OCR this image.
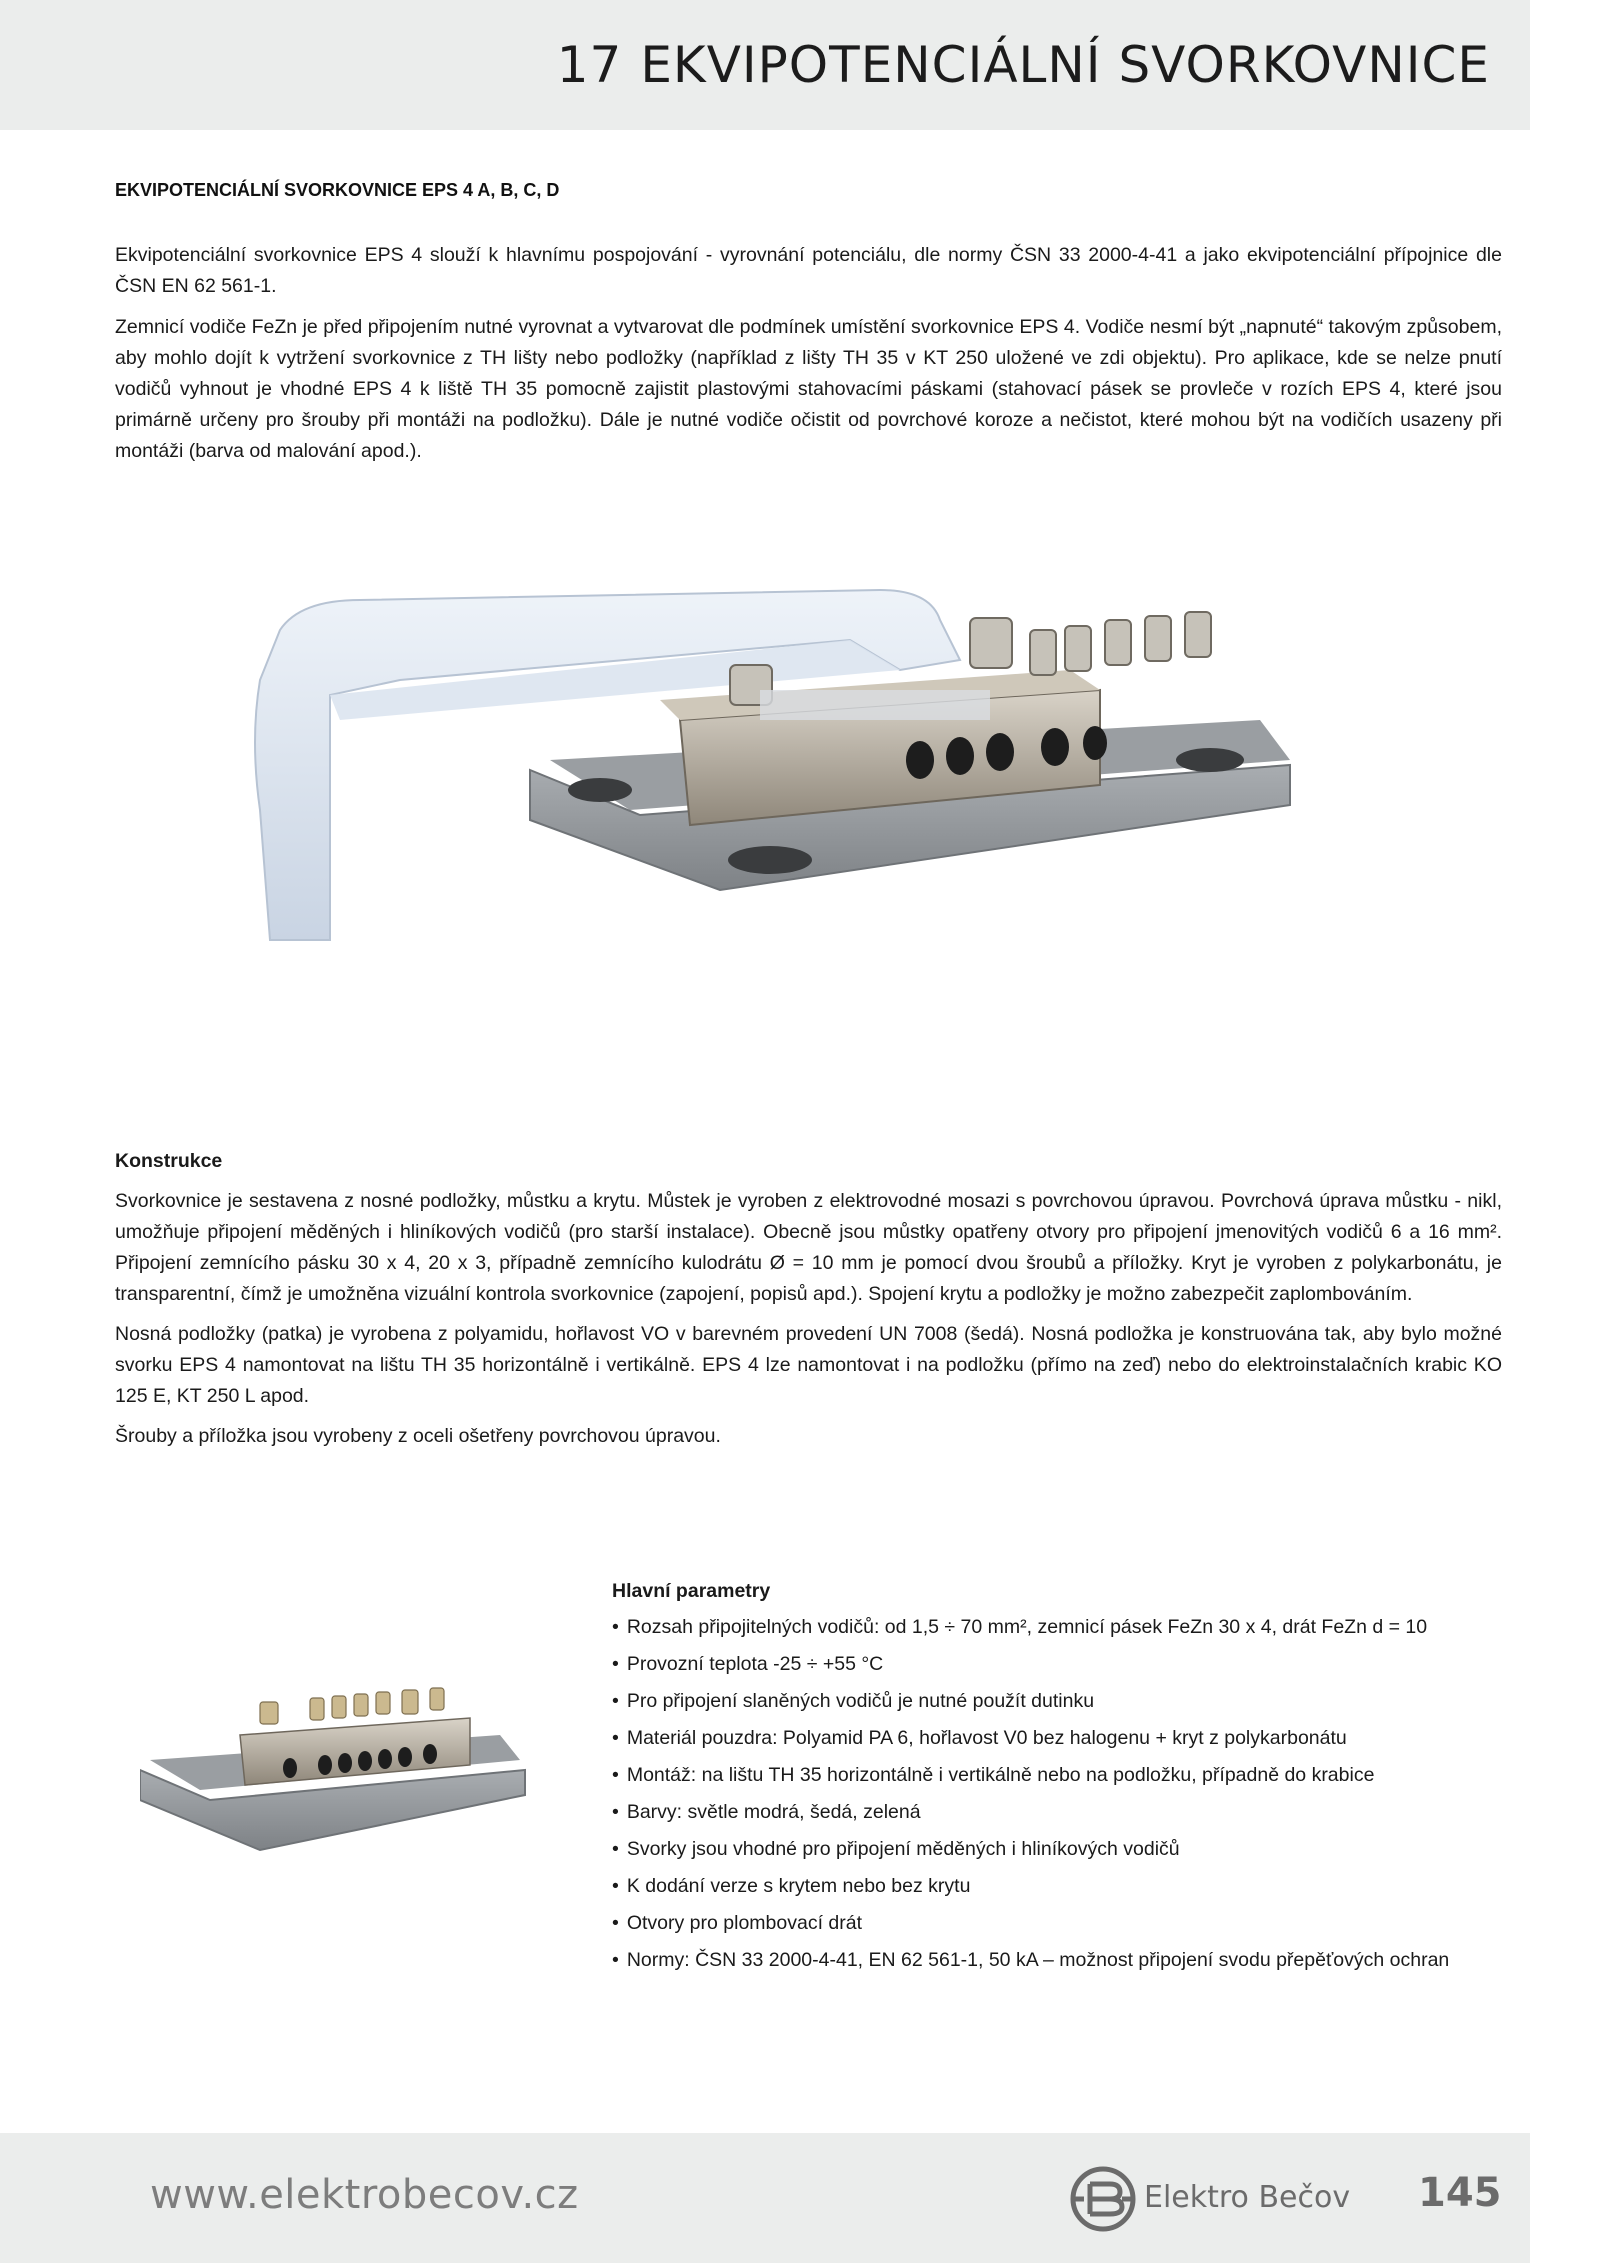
17 EKVIPOTENCIÁLNÍ SVORKOVNICE
EKVIPOTENCIÁLNÍ SVORKOVNICE EPS 4 A, B, C, D

Ekvipotenciální svorkovnice EPS 4 slouží k hlavnímu pospojování - vyrovnání potenciálu, dle normy ČSN 33 2000-4-41 a jako ekvipotenciální přípojnice dle ČSN EN 62 561-1.

Zemnicí vodiče FeZn je před připojením nutné vyrovnat a vytvarovat dle podmínek umístění svorkovnice EPS 4. Vodiče nesmí být „napnuté“ takovým způsobem, aby mohlo dojít k vytržení svorkovnice z TH lišty nebo podložky (například z lišty TH 35 v KT 250 uložené ve zdi objektu). Pro aplikace, kde se nelze pnutí vodičů vyhnout je vhodné EPS 4 k liště TH 35 pomocně zajistit plastovými stahovacími páskami (stahovací pásek se provleče v rozích EPS 4, které jsou primárně určeny pro šrouby při montáži na podložku). Dále je nutné vodiče očistit od povrchové koroze a nečistot, které mohou být na vodičích usazeny při montáži (barva od malování apod.).

Konstrukce

Svorkovnice je sestavena z nosné podložky, můstku a krytu. Můstek je vyroben z elektrovodné mosazi s povrchovou úpravou. Povrchová úprava můstku - nikl, umožňuje připojení měděných i hliníkových vodičů (pro starší instalace). Obecně jsou můstky opatřeny otvory pro připojení jmenovitých vodičů 6 a 16 mm². Připojení zemnícího pásku 30 x 4, 20 x 3, případně zemnícího kulodrátu Ø = 10 mm je pomocí dvou šroubů a příložky. Kryt je vyroben z polykarbonátu, je transparentní, čímž je umožněna vizuální kontrola svorkovnice (zapojení, popisů apd.). Spojení krytu a podložky je možno zabezpečit zaplombováním.

Nosná podložky (patka) je vyrobena z polyamidu, hořlavost VO v barevném provedení UN 7008 (šedá). Nosná podložka je konstruována tak, aby bylo možné svorku EPS 4 namontovat na lištu TH 35 horizontálně i vertikálně. EPS 4 lze namontovat i na podložku (přímo na zeď) nebo do elektroinstalačních krabic KO 125 E, KT 250 L apod.

Šrouby a příložka jsou vyrobeny z oceli ošetřeny povrchovou úpravou.

Hlavní parametry
• Rozsah připojitelných vodičů: od 1,5 ÷ 70 mm², zemnicí pásek FeZn 30 x 4, drát FeZn d = 10
• Provozní teplota -25 ÷ +55 °C
• Pro připojení slaněných vodičů je nutné použít dutinku
• Materiál pouzdra: Polyamid PA 6, hořlavost V0 bez halogenu + kryt z polykarbonátu
• Montáž: na lištu TH 35 horizontálně i vertikálně nebo na podložku, případně do krabice
• Barvy: světle modrá, šedá, zelená
• Svorky jsou vhodné pro připojení měděných i hliníkových vodičů
• K dodání verze s krytem nebo bez krytu
• Otvory pro plombovací drát
• Normy: ČSN 33 2000-4-41, EN 62 561-1, 50 kA – možnost připojení svodu přepěťových ochran
www.elektrobecov.cz	Elektro Bečov 145
